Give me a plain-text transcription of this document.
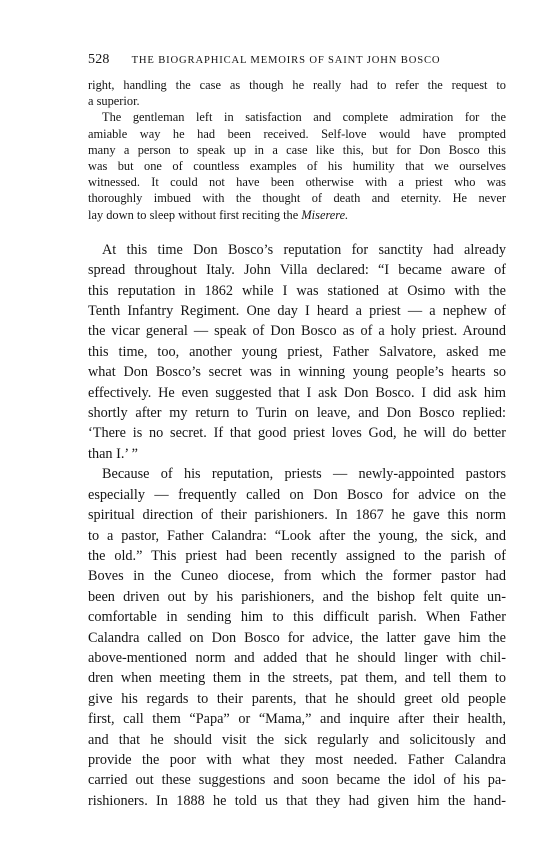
528 THE BIOGRAPHICAL MEMOIRS OF SAINT JOHN BOSCO

right, handling the case as though he really had to refer the request to
a superior.

The gentleman left in satisfaction and complete admiration for the
amiable way he had been received. Self-love would have prompted
many a person to speak up in a case like this, but for Don Bosco this
was but one of countless examples of his humility that we ourselves
witnessed. It could not have been otherwise with a priest who was
thoroughly imbued with the thought of death and eternity. He never
lay down to sleep without first reciting the Miserere.

At this time Don Bosco’s reputation for sanctity had already
spread throughout Italy. John Villa declared: “I became aware of
this reputation in 1862 while I was stationed at Osimo with the
Tenth Infantry Regiment. One day I heard a priest — a nephew of
the vicar general — speak of Don Bosco as of a holy priest. Around
this time, too, another young priest, Father Salvatore, asked me
what Don Bosco’s secret was in winning young people’s hearts so
effectively. He even suggested that I ask Don Bosco. I did ask him
shortly after my return to Turin on leave, and Don Bosco replied:
‘There is no secret. If that good priest loves God, he will do better
than I.’ ”

Because of his reputation, priests — newly-appointed pastors
especially — frequently called on Don Bosco for advice on the
spiritual direction of their parishioners. In 1867 he gave this norm
to a pastor, Father Calandra: “Look after the young, the sick, and
the old.” This priest had been recently assigned to the parish of
Boves in the Cuneo diocese, from which the former pastor had
been driven out by his parishioners, and the bishop felt quite un-
comfortable in sending him to this difficult parish. When Father
Calandra called on Don Bosco for advice, the latter gave him the
above-mentioned norm and added that he should linger with chil-
dren when meeting them in the streets, pat them, and tell them to
give his regards to their parents, that he should greet old people
first, call them “Papa” or “Mama,” and inquire after their health,
and that he should visit the sick regularly and solicitously and
provide the poor with what they most needed. Father Calandra
carried out these suggestions and soon became the idol of his pa-
rishioners. In 1888 he told us that they had given him the hand-
